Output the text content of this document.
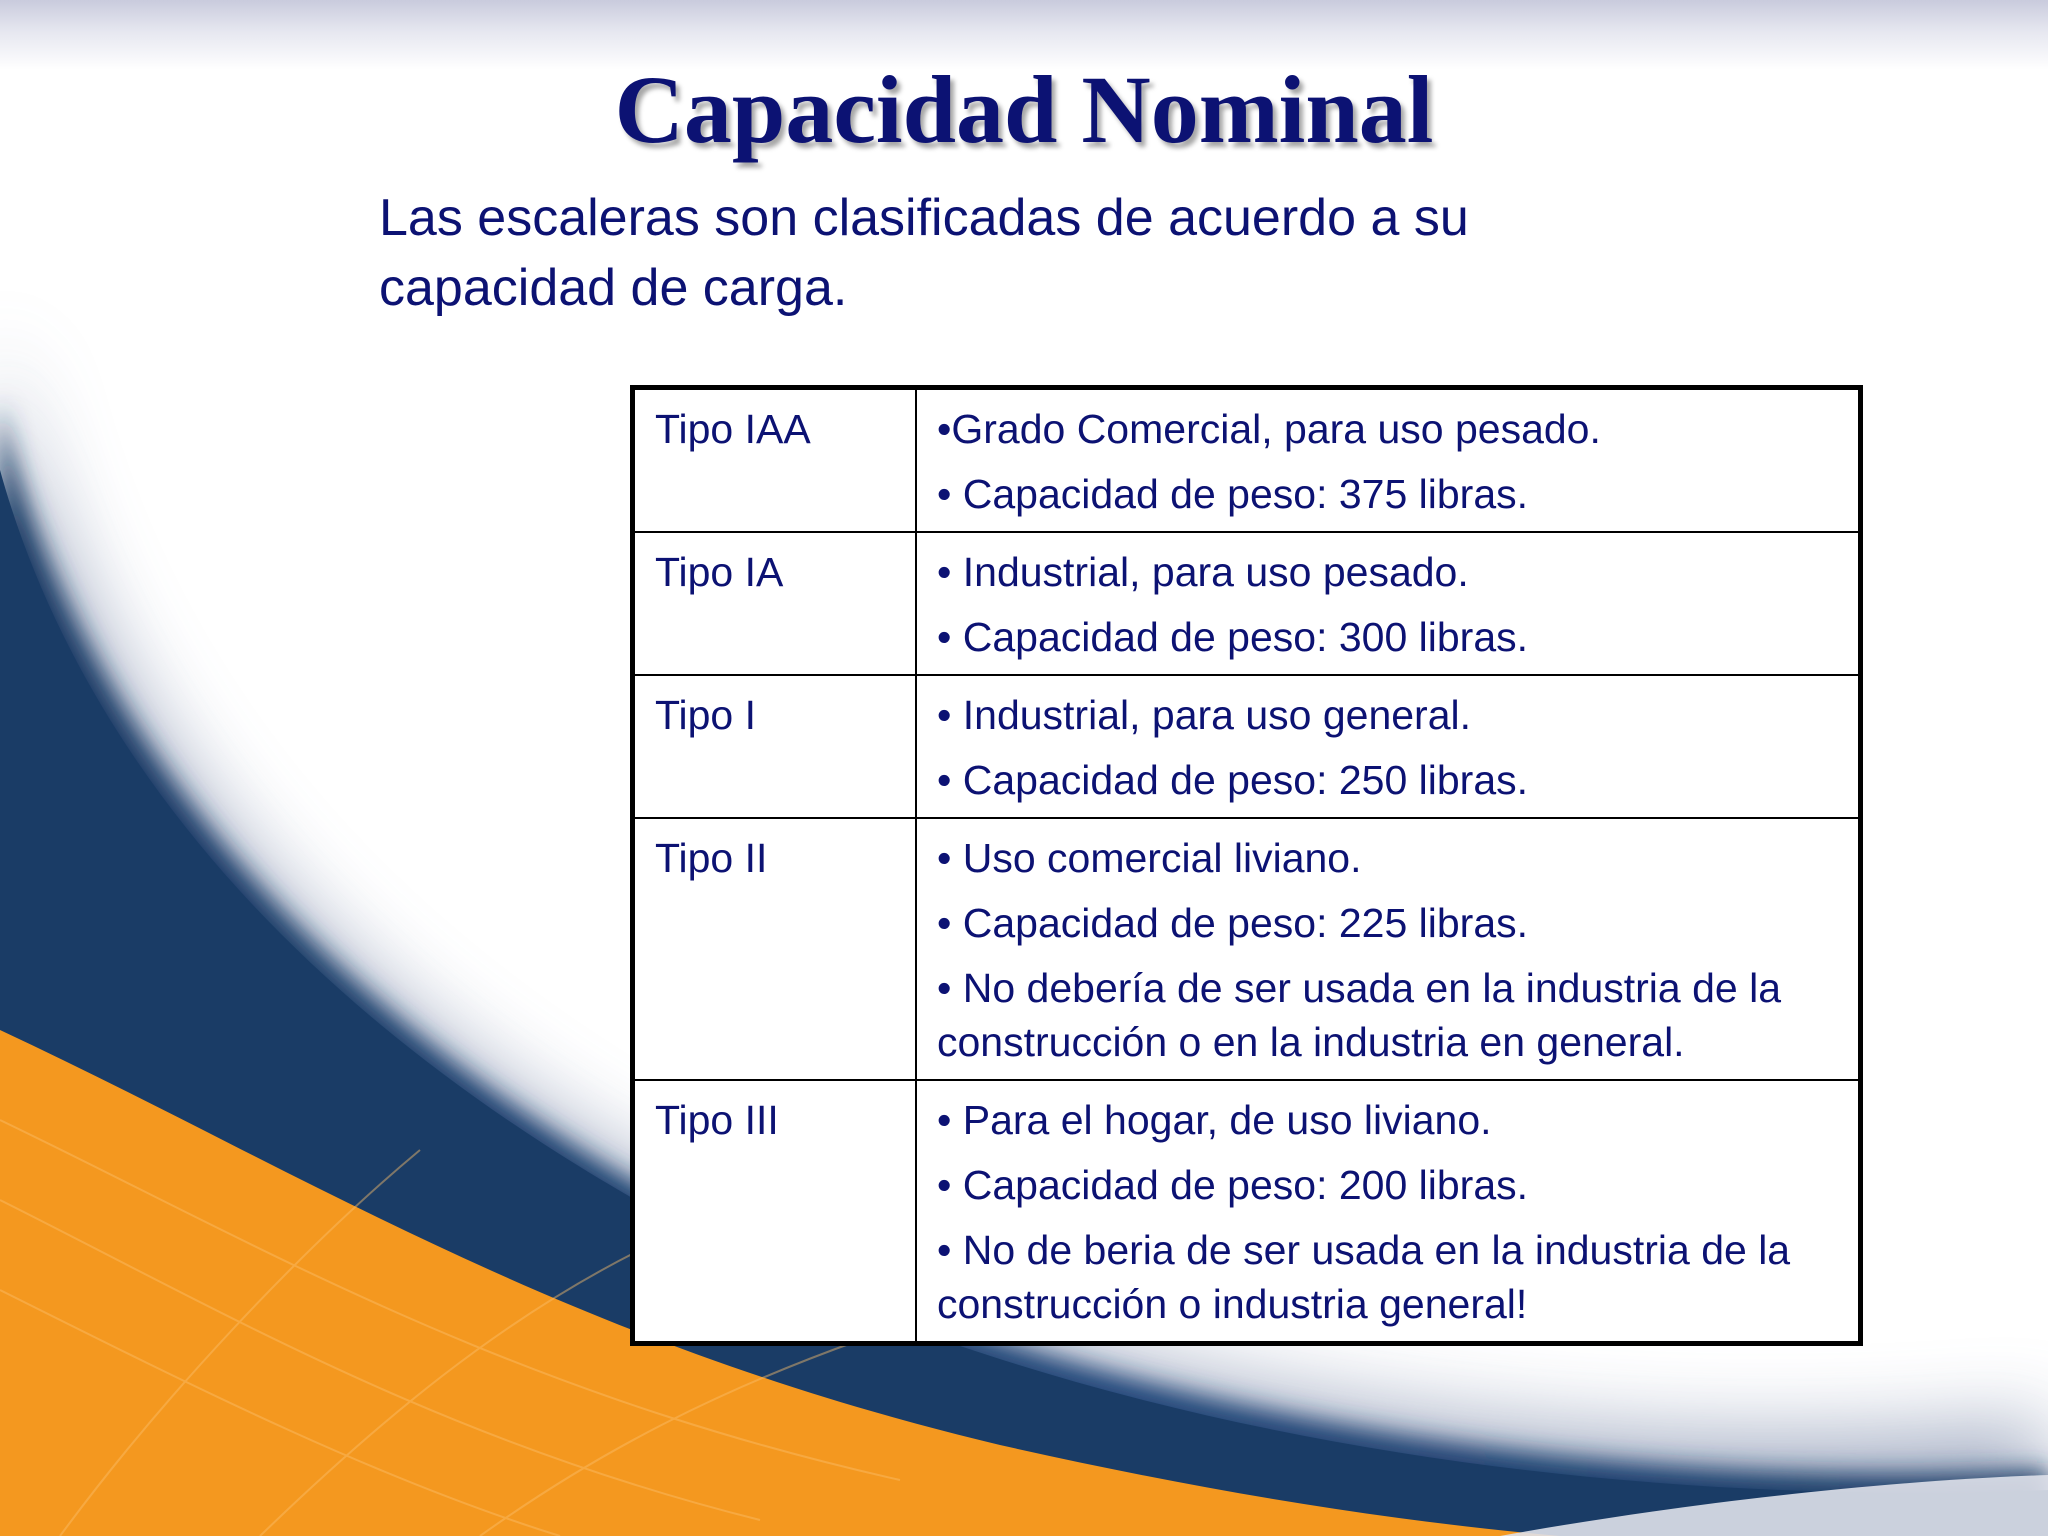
Capacidad Nominal

Las escaleras son clasificadas de acuerdo a su capacidad de carga.

Tipo IAA	•Grado Comercial, para uso pesado.

• Capacidad de peso: 375 libras.

Tipo IA	• Industrial, para uso pesado.

• Capacidad de peso: 300 libras.

Tipo I	• Industrial, para uso general.

• Capacidad de peso: 250 libras.

Tipo II	• Uso comercial liviano.

• Capacidad de peso: 225 libras.

• No debería de ser usada en la industria de la construcción o en la industria en general.

Tipo III	• Para el hogar, de uso liviano.

• Capacidad de peso: 200 libras.

• No de beria de ser usada en la industria de la construcción o industria general!
